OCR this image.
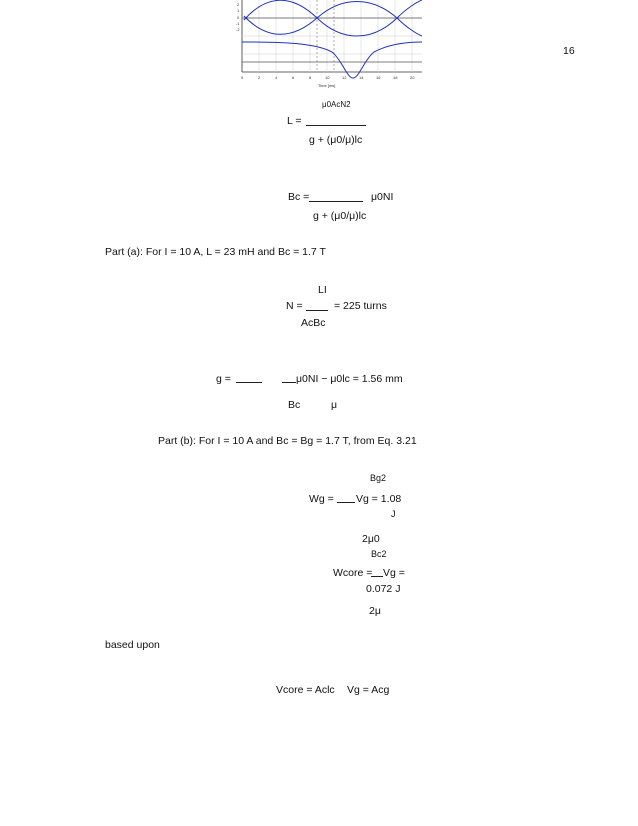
16
2
1
0
-1
-2
0	2	4	6	8	10	12	14	16	18	20
Time [ms]
μ0AcN2
L =
g + (μ0/μ)lc
Bc =	μ0NI
g + (μ0/μ)lc
Part (a): For I = 10 A, L = 23 mH and Bc = 1.7 T
LI
N =	= 225 turns
AcBc
g =	μ0NI − μ0lc = 1.56 mm
Bc	μ
Part (b): For I = 10 A and Bc = Bg = 1.7 T, from Eq. 3.21
Bg2
Wg = Vg = 1.08
J
2μ0
Bc2
Wcore = Vg =
0.072 J
2μ
based upon
Vcore = Aclc Vg = Acg
